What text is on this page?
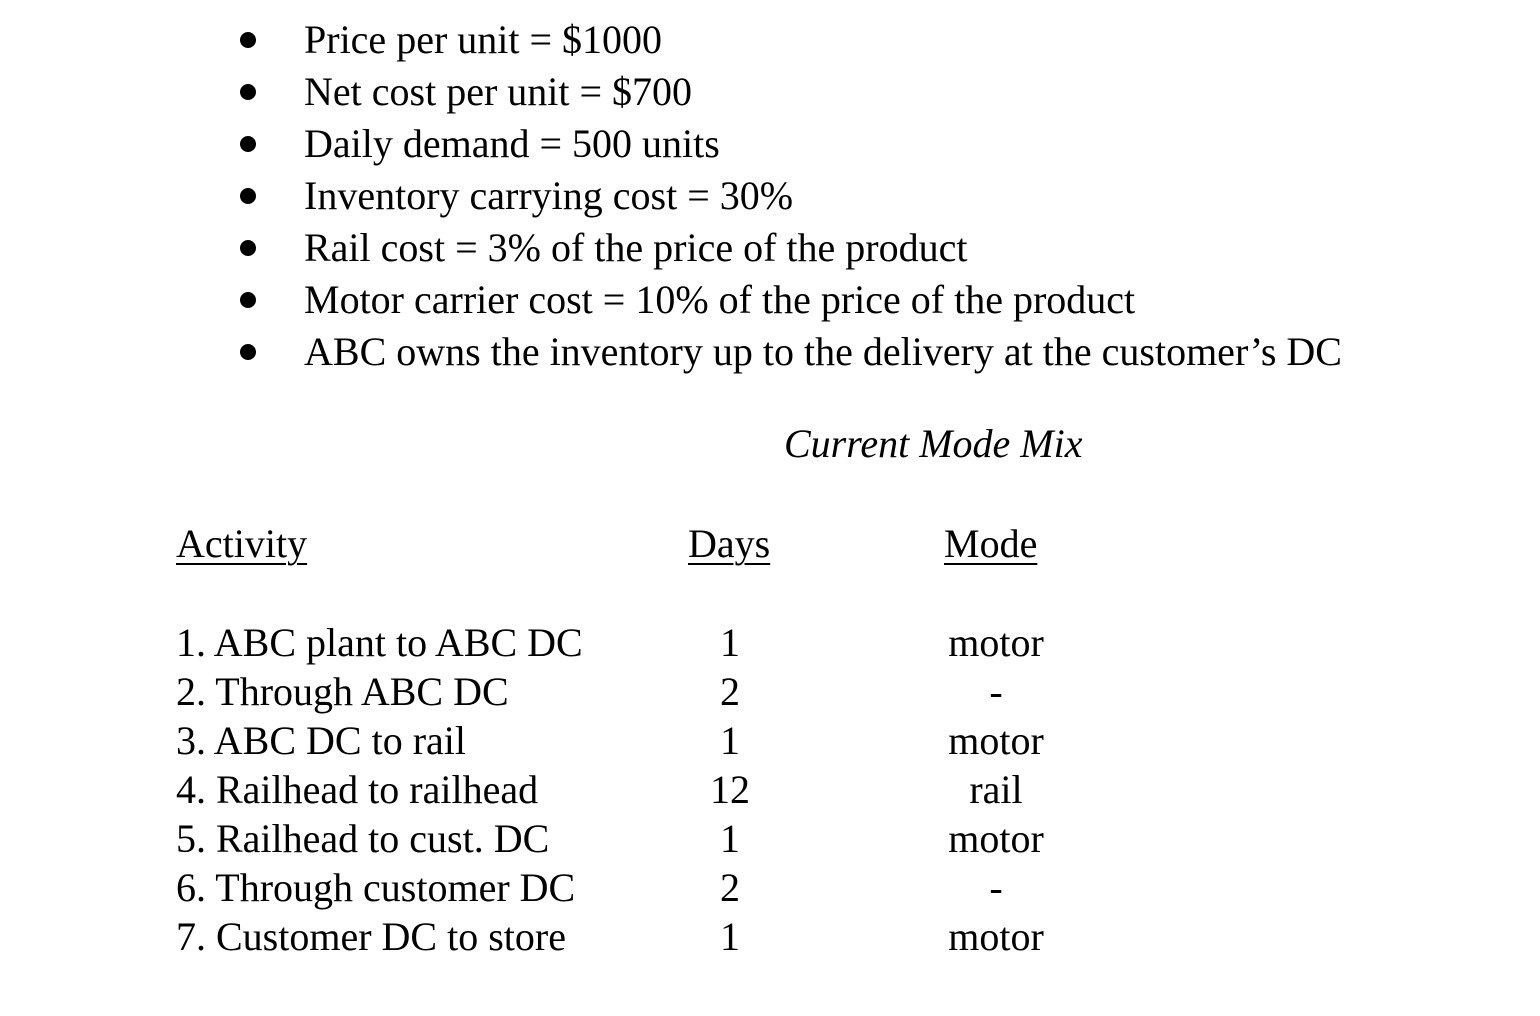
Price per unit = $1000
Net cost per unit = $700
Daily demand = 500 units
Inventory carrying cost = 30%
Rail cost = 3% of the price of the product
Motor carrier cost = 10% of the price of the product
ABC owns the inventory up to the delivery at the customer’s DC
Current Mode Mix
Activity	Days	Mode
1. ABC plant to ABC DC	1	motor
2. Through ABC DC	2	-
3. ABC DC to rail	1	motor
4. Railhead to railhead	12	rail
5. Railhead to cust. DC	1	motor
6. Through customer DC	2	-
7. Customer DC to store	1	motor
